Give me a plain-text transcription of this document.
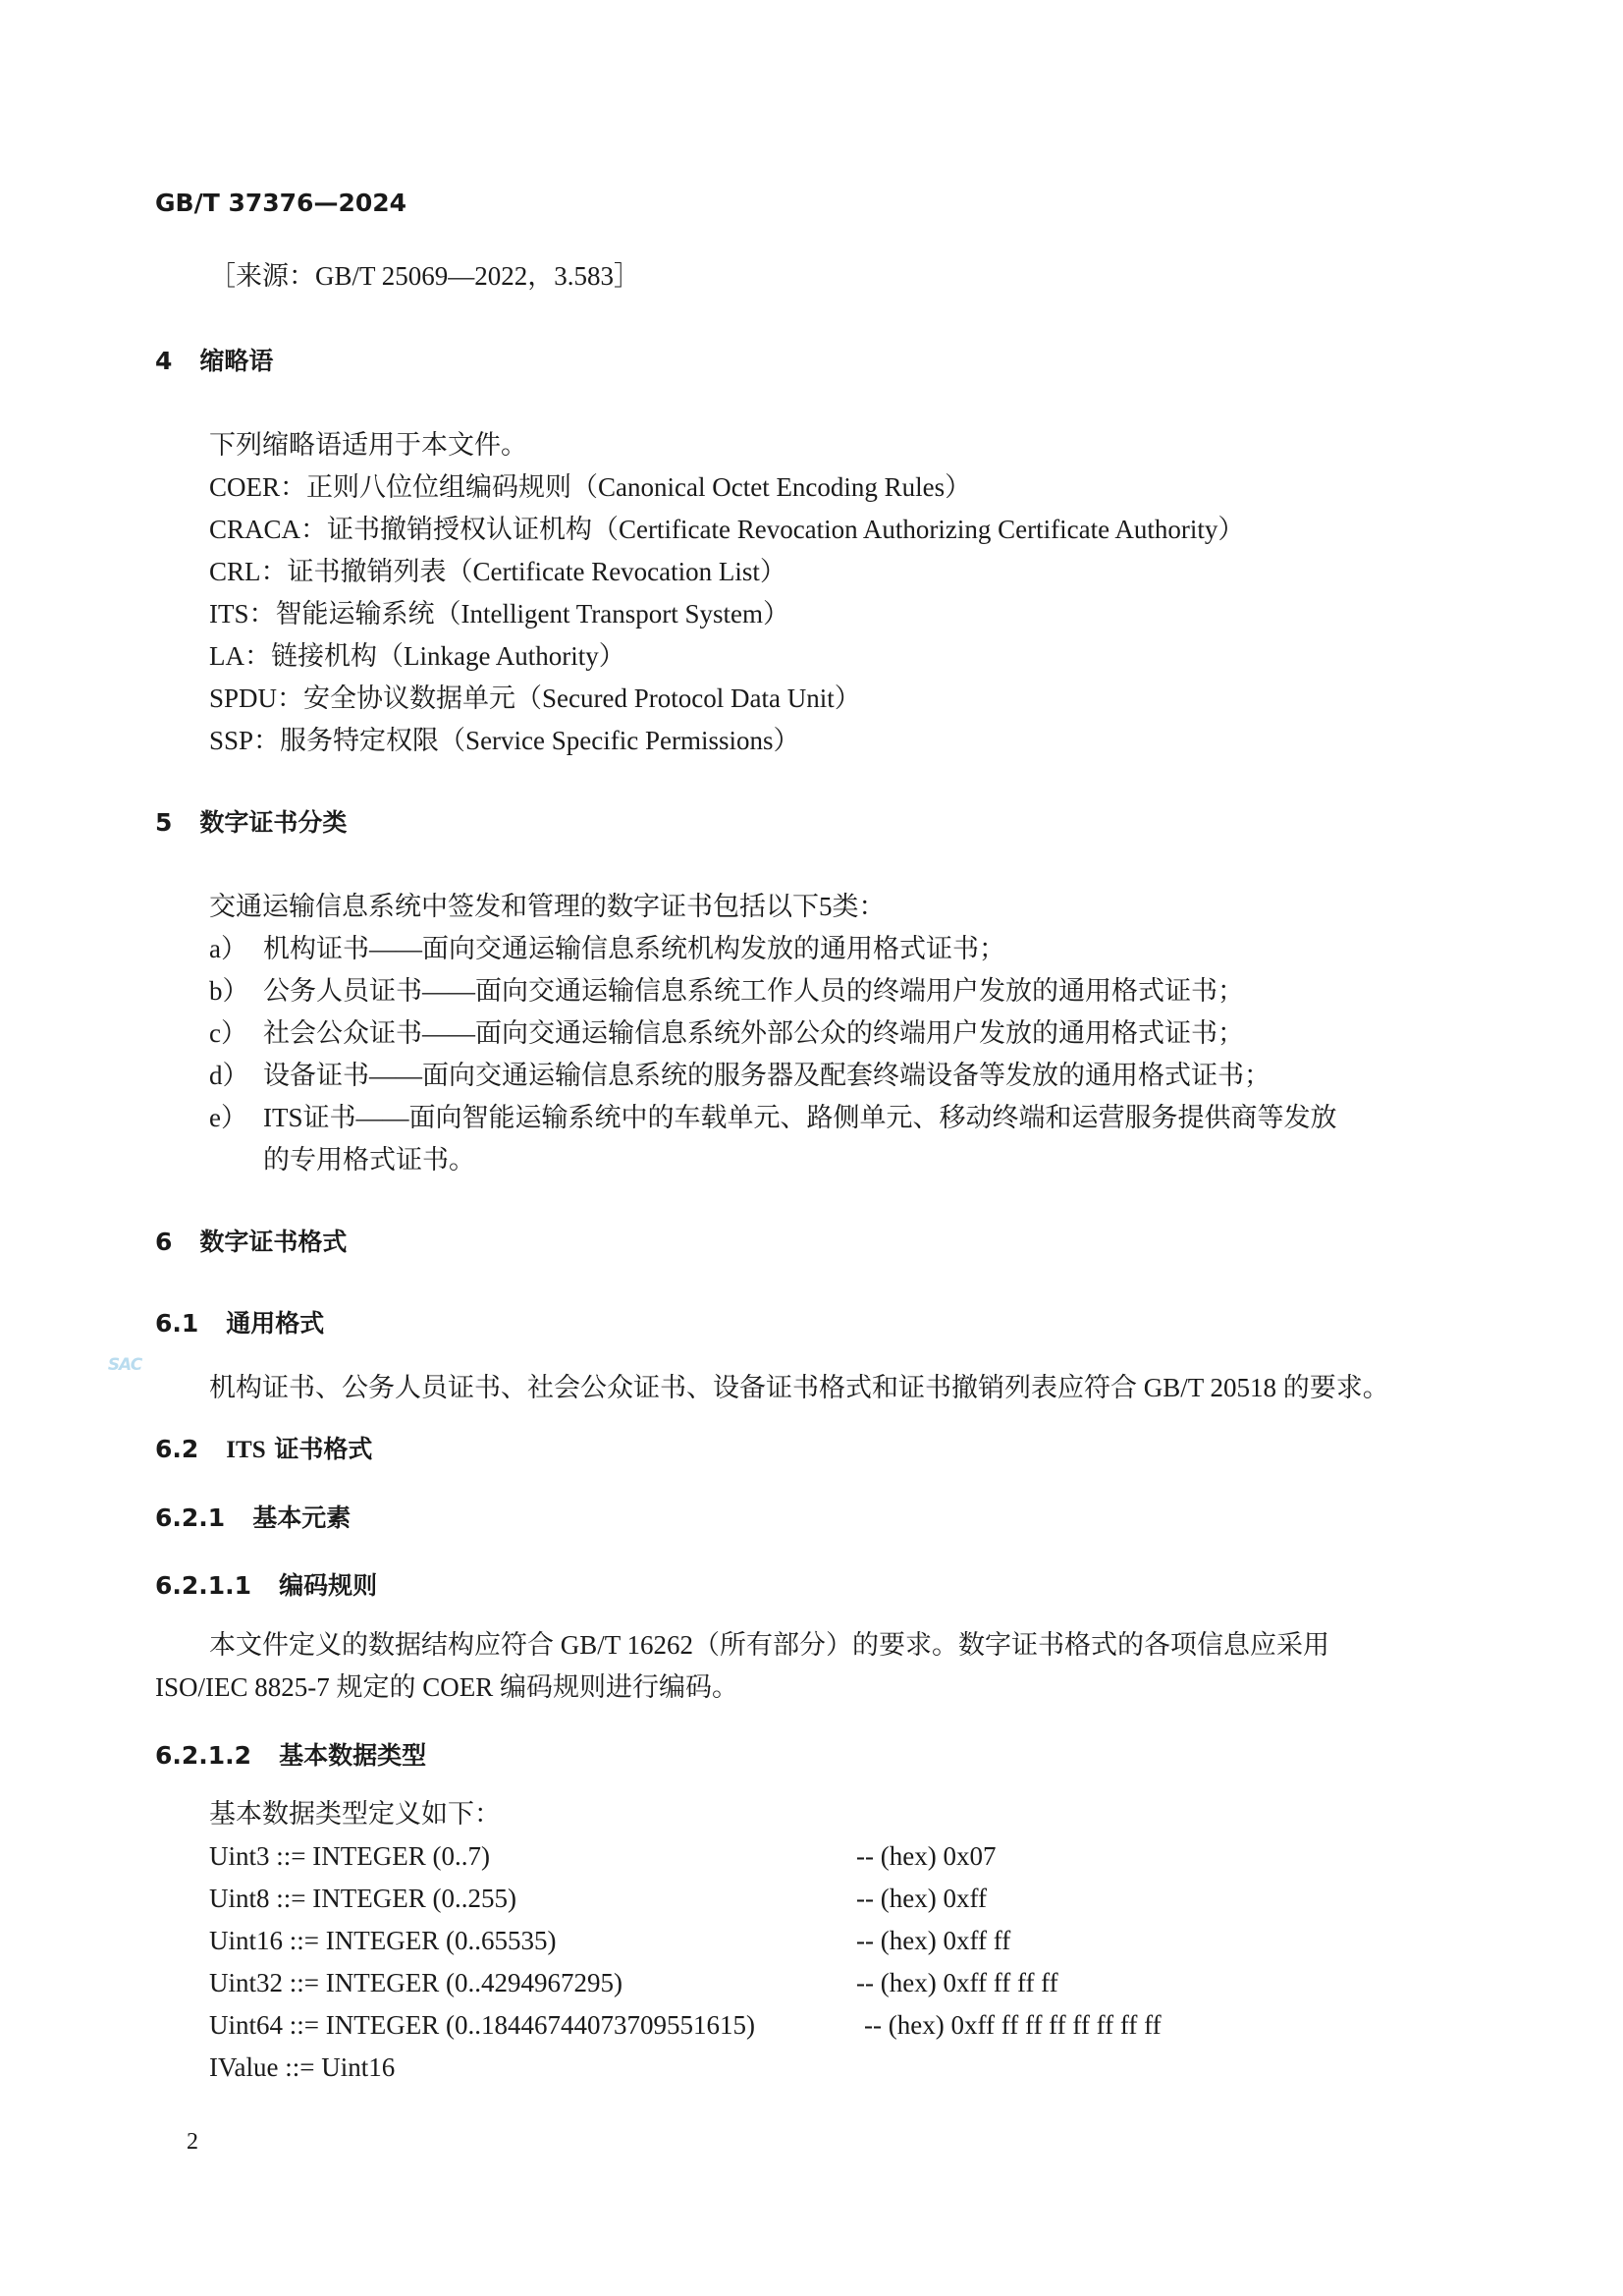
GB/T 37376—2024
［来源：GB/T 25069—2022，3.583］
4 缩略语
下列缩略语适用于本文件。
COER：正则八位位组编码规则（Canonical Octet Encoding Rules）
CRACA：证书撤销授权认证机构（Certificate Revocation Authorizing Certificate Authority）
CRL：证书撤销列表（Certificate Revocation List）
ITS：智能运输系统（Intelligent Transport System）
LA：链接机构（Linkage Authority）
SPDU：安全协议数据单元（Secured Protocol Data Unit）
SSP：服务特定权限（Service Specific Permissions）
5 数字证书分类
交通运输信息系统中签发和管理的数字证书包括以下5类：
a） 机构证书——面向交通运输信息系统机构发放的通用格式证书；
b） 公务人员证书——面向交通运输信息系统工作人员的终端用户发放的通用格式证书；
c） 社会公众证书——面向交通运输信息系统外部公众的终端用户发放的通用格式证书；
d） 设备证书——面向交通运输信息系统的服务器及配套终端设备等发放的通用格式证书；
e） ITS证书——面向智能运输系统中的车载单元、路侧单元、移动终端和运营服务提供商等发放
的专用格式证书。
6 数字证书格式
6.1 通用格式
SAC
机构证书、公务人员证书、社会公众证书、设备证书格式和证书撤销列表应符合 GB/T 20518 的要求。
6.2 ITS 证书格式
6.2.1 基本元素
6.2.1.1 编码规则
本文件定义的数据结构应符合 GB/T 16262（所有部分）的要求。数字证书格式的各项信息应采用
ISO/IEC 8825-7 规定的 COER 编码规则进行编码。
6.2.1.2 基本数据类型
基本数据类型定义如下：
Uint3 ::= INTEGER (0..7)	-- (hex) 0x07
Uint8 ::= INTEGER (0..255)	-- (hex) 0xff
Uint16 ::= INTEGER (0..65535)	-- (hex) 0xff ff
Uint32 ::= INTEGER (0..4294967295)	-- (hex) 0xff ff ff ff
Uint64 ::= INTEGER (0..18446744073709551615)	-- (hex) 0xff ff ff ff ff ff ff ff
IValue ::= Uint16
2
